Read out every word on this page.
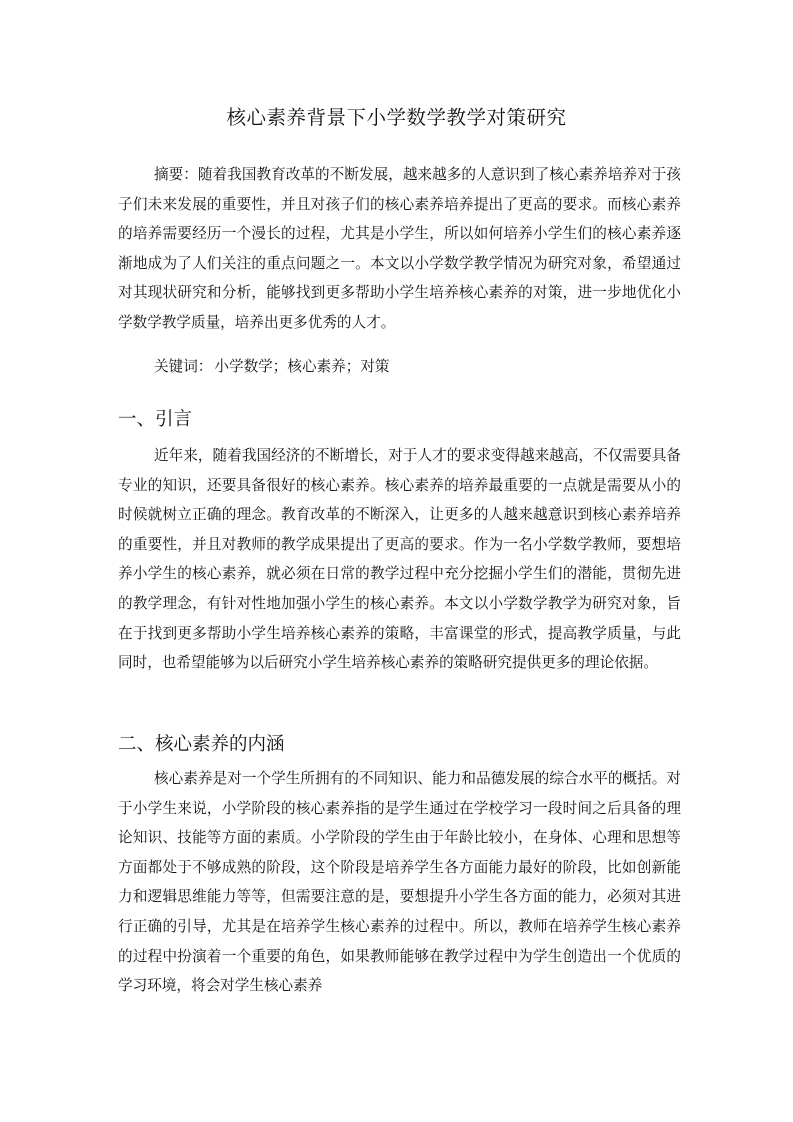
核心素养背景下小学数学教学对策研究

摘要：随着我国教育改革的不断发展，越来越多的人意识到了核心素养培养对于孩子们未来发展的重要性，并且对孩子们的核心素养培养提出了更高的要求。而核心素养的培养需要经历一个漫长的过程，尤其是小学生，所以如何培养小学生们的核心素养逐渐地成为了人们关注的重点问题之一。本文以小学数学教学情况为研究对象，希望通过对其现状研究和分析，能够找到更多帮助小学生培养核心素养的对策，进一步地优化小学数学教学质量，培养出更多优秀的人才。

关键词： 小学数学；核心素养；对策

一、引言

近年来，随着我国经济的不断增长，对于人才的要求变得越来越高，不仅需要具备专业的知识，还要具备很好的核心素养。核心素养的培养最重要的一点就是需要从小的时候就树立正确的理念。教育改革的不断深入，让更多的人越来越意识到核心素养培养的重要性，并且对教师的教学成果提出了更高的要求。作为一名小学数学教师，要想培养小学生的核心素养，就必须在日常的教学过程中充分挖掘小学生们的潜能，贯彻先进的教学理念，有针对性地加强小学生的核心素养。本文以小学数学教学为研究对象，旨在于找到更多帮助小学生培养核心素养的策略，丰富课堂的形式，提高教学质量，与此同时，也希望能够为以后研究小学生培养核心素养的策略研究提供更多的理论依据。

二、核心素养的内涵

核心素养是对一个学生所拥有的不同知识、能力和品德发展的综合水平的概括。对于小学生来说，小学阶段的核心素养指的是学生通过在学校学习一段时间之后具备的理论知识、技能等方面的素质。小学阶段的学生由于年龄比较小，在身体、心理和思想等方面都处于不够成熟的阶段，这个阶段是培养学生各方面能力最好的阶段，比如创新能力和逻辑思维能力等等，但需要注意的是，要想提升小学生各方面的能力，必须对其进行正确的引导，尤其是在培养学生核心素养的过程中。所以，教师在培养学生核心素养的过程中扮演着一个重要的角色，如果教师能够在教学过程中为学生创造出一个优质的学习环境，将会对学生核心素养
